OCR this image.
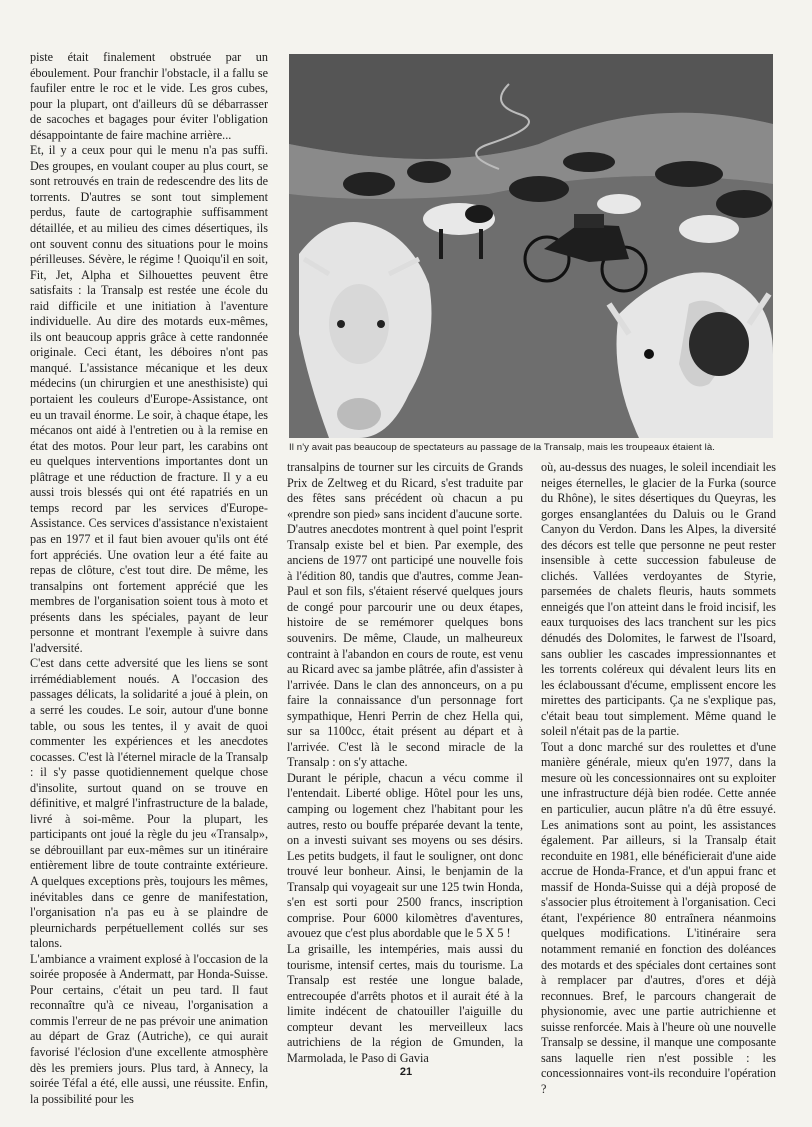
piste était finalement obstruée par un éboulement. Pour franchir l'obstacle, il a fallu se faufiler entre le roc et le vide. Les gros cubes, pour la plupart, ont d'ailleurs dû se débarrasser de sacoches et bagages pour éviter l'obligation désappointante de faire machine arrière...

Et, il y a ceux pour qui le menu n'a pas suffi. Des groupes, en voulant couper au plus court, se sont retrouvés en train de redescendre des lits de torrents. D'autres se sont tout simplement perdus, faute de cartographie suffisamment détaillée, et au milieu des cimes désertiques, ils ont souvent connu des situations pour le moins périlleuses. Sévère, le régime ! Quoiqu'il en soit, Fit, Jet, Alpha et Silhouettes peuvent être satisfaits : la Transalp est restée une école du raid difficile et une initiation à l'aventure individuelle. Au dire des motards eux-mêmes, ils ont beaucoup appris grâce à cette randonnée originale. Ceci étant, les déboires n'ont pas manqué. L'assistance mécanique et les deux médecins (un chirurgien et une anesthisiste) qui portaient les couleurs d'Europe-Assistance, ont eu un travail énorme. Le soir, à chaque étape, les mécanos ont aidé à l'entretien ou à la remise en état des motos. Pour leur part, les carabins ont eu quelques interventions importantes dont un plâtrage et une réduction de fracture. Il y a eu aussi trois blessés qui ont été rapatriés en un temps record par les services d'Europe-Assistance. Ces services d'assistance n'existaient pas en 1977 et il faut bien avouer qu'ils ont été fort appréciés. Une ovation leur a été faite au repas de clôture, c'est tout dire. De même, les transalpins ont fortement apprécié que les membres de l'organisation soient tous à moto et présents dans les spéciales, payant de leur personne et montrant l'exemple à suivre dans l'adversité.

C'est dans cette adversité que les liens se sont irrémédiablement noués. A l'occasion des passages délicats, la solidarité a joué à plein, on a serré les coudes. Le soir, autour d'une bonne table, ou sous les tentes, il y avait de quoi commenter les expériences et les anecdotes cocasses. C'est là l'éternel miracle de la Transalp : il s'y passe quotidiennement quelque chose d'insolite, surtout quand on se trouve en définitive, et malgré l'infrastructure de la balade, livré à soi-même. Pour la plupart, les participants ont joué la règle du jeu «Transalp», se débrouillant par eux-mêmes sur un itinéraire entièrement libre de toute contrainte extérieure. A quelques exceptions près, toujours les mêmes, inévitables dans ce genre de manifestation, l'organisation n'a pas eu à se plaindre de pleurnichards perpétuellement collés sur ses talons.

L'ambiance a vraiment explosé à l'occasion de la soirée proposée à Andermatt, par Honda-Suisse. Pour certains, c'était un peu tard. Il faut reconnaître qu'à ce niveau, l'organisation a commis l'erreur de ne pas prévoir une animation au départ de Graz (Autriche), ce qui aurait favorisé l'éclosion d'une excellente atmosphère dès les premiers jours. Plus tard, à Annecy, la soirée Téfal a été, elle aussi, une réussite. Enfin, la possibilité pour les

Il n'y avait pas beaucoup de spectateurs au passage de la Transalp, mais les troupeaux étaient là.

transalpins de tourner sur les circuits de Grands Prix de Zeltweg et du Ricard, s'est traduite par des fêtes sans précédent où chacun a pu «prendre son pied» sans incident d'aucune sorte.

D'autres anecdotes montrent à quel point l'esprit Transalp existe bel et bien. Par exemple, des anciens de 1977 ont participé une nouvelle fois à l'édition 80, tandis que d'autres, comme Jean-Paul et son fils, s'étaient réservé quelques jours de congé pour parcourir une ou deux étapes, histoire de se remémorer quelques bons souvenirs. De même, Claude, un malheureux contraint à l'abandon en cours de route, est venu au Ricard avec sa jambe plâtrée, afin d'assister à l'arrivée. Dans le clan des annonceurs, on a pu faire la connaissance d'un personnage fort sympathique, Henri Perrin de chez Hella qui, sur sa 1100cc, était présent au départ et à l'arrivée. C'est là le second miracle de la Transalp : on s'y attache.

Durant le périple, chacun a vécu comme il l'entendait. Liberté oblige. Hôtel pour les uns, camping ou logement chez l'habitant pour les autres, resto ou bouffe préparée devant la tente, on a investi suivant ses moyens ou ses désirs. Les petits budgets, il faut le souligner, ont donc trouvé leur bonheur. Ainsi, le benjamin de la Transalp qui voyageait sur une 125 twin Honda, s'en est sorti pour 2500 francs, inscription comprise. Pour 6000 kilomètres d'aventures, avouez que c'est plus abordable que le 5 X 5 !

La grisaille, les intempéries, mais aussi du tourisme, intensif certes, mais du tourisme. La Transalp est restée une longue balade, entrecoupée d'arrêts photos et il aurait été à la limite indécent de chatouiller l'aiguille du compteur devant les merveilleux lacs autrichiens de la région de Gmunden, la Marmolada, le Paso di Gavia

où, au-dessus des nuages, le soleil incendiait les neiges éternelles, le glacier de la Furka (source du Rhône), le sites désertiques du Queyras, les gorges ensanglantées du Daluis ou le Grand Canyon du Verdon. Dans les Alpes, la diversité des décors est telle que personne ne peut rester insensible à cette succession fabuleuse de clichés. Vallées verdoyantes de Styrie, parsemées de chalets fleuris, hauts sommets enneigés que l'on atteint dans le froid incisif, les eaux turquoises des lacs tranchent sur les pics dénudés des Dolomites, le farwest de l'Isoard, sans oublier les cascades impressionnantes et les torrents coléreux qui dévalent leurs lits en les éclaboussant d'écume, emplissent encore les mirettes des participants. Ça ne s'explique pas, c'était beau tout simplement. Même quand le soleil n'était pas de la partie.

Tout a donc marché sur des roulettes et d'une manière générale, mieux qu'en 1977, dans la mesure où les concessionnaires ont su exploiter une infrastructure déjà bien rodée. Cette année en particulier, aucun plâtre n'a dû être essuyé. Les animations sont au point, les assistances également. Par ailleurs, si la Transalp était reconduite en 1981, elle bénéficierait d'une aide accrue de Honda-France, et d'un appui franc et massif de Honda-Suisse qui a déjà proposé de s'associer plus étroitement à l'organisation. Ceci étant, l'expérience 80 entraînera néanmoins quelques modifications. L'itinéraire sera notamment remanié en fonction des doléances des motards et des spéciales dont certaines sont à remplacer par d'autres, d'ores et déjà reconnues. Bref, le parcours changerait de physionomie, avec une partie autrichienne et suisse renforcée. Mais à l'heure où une nouvelle Transalp se dessine, il manque une composante sans laquelle rien n'est possible : les concessionnaires vont-ils reconduire l'opération ?

21
